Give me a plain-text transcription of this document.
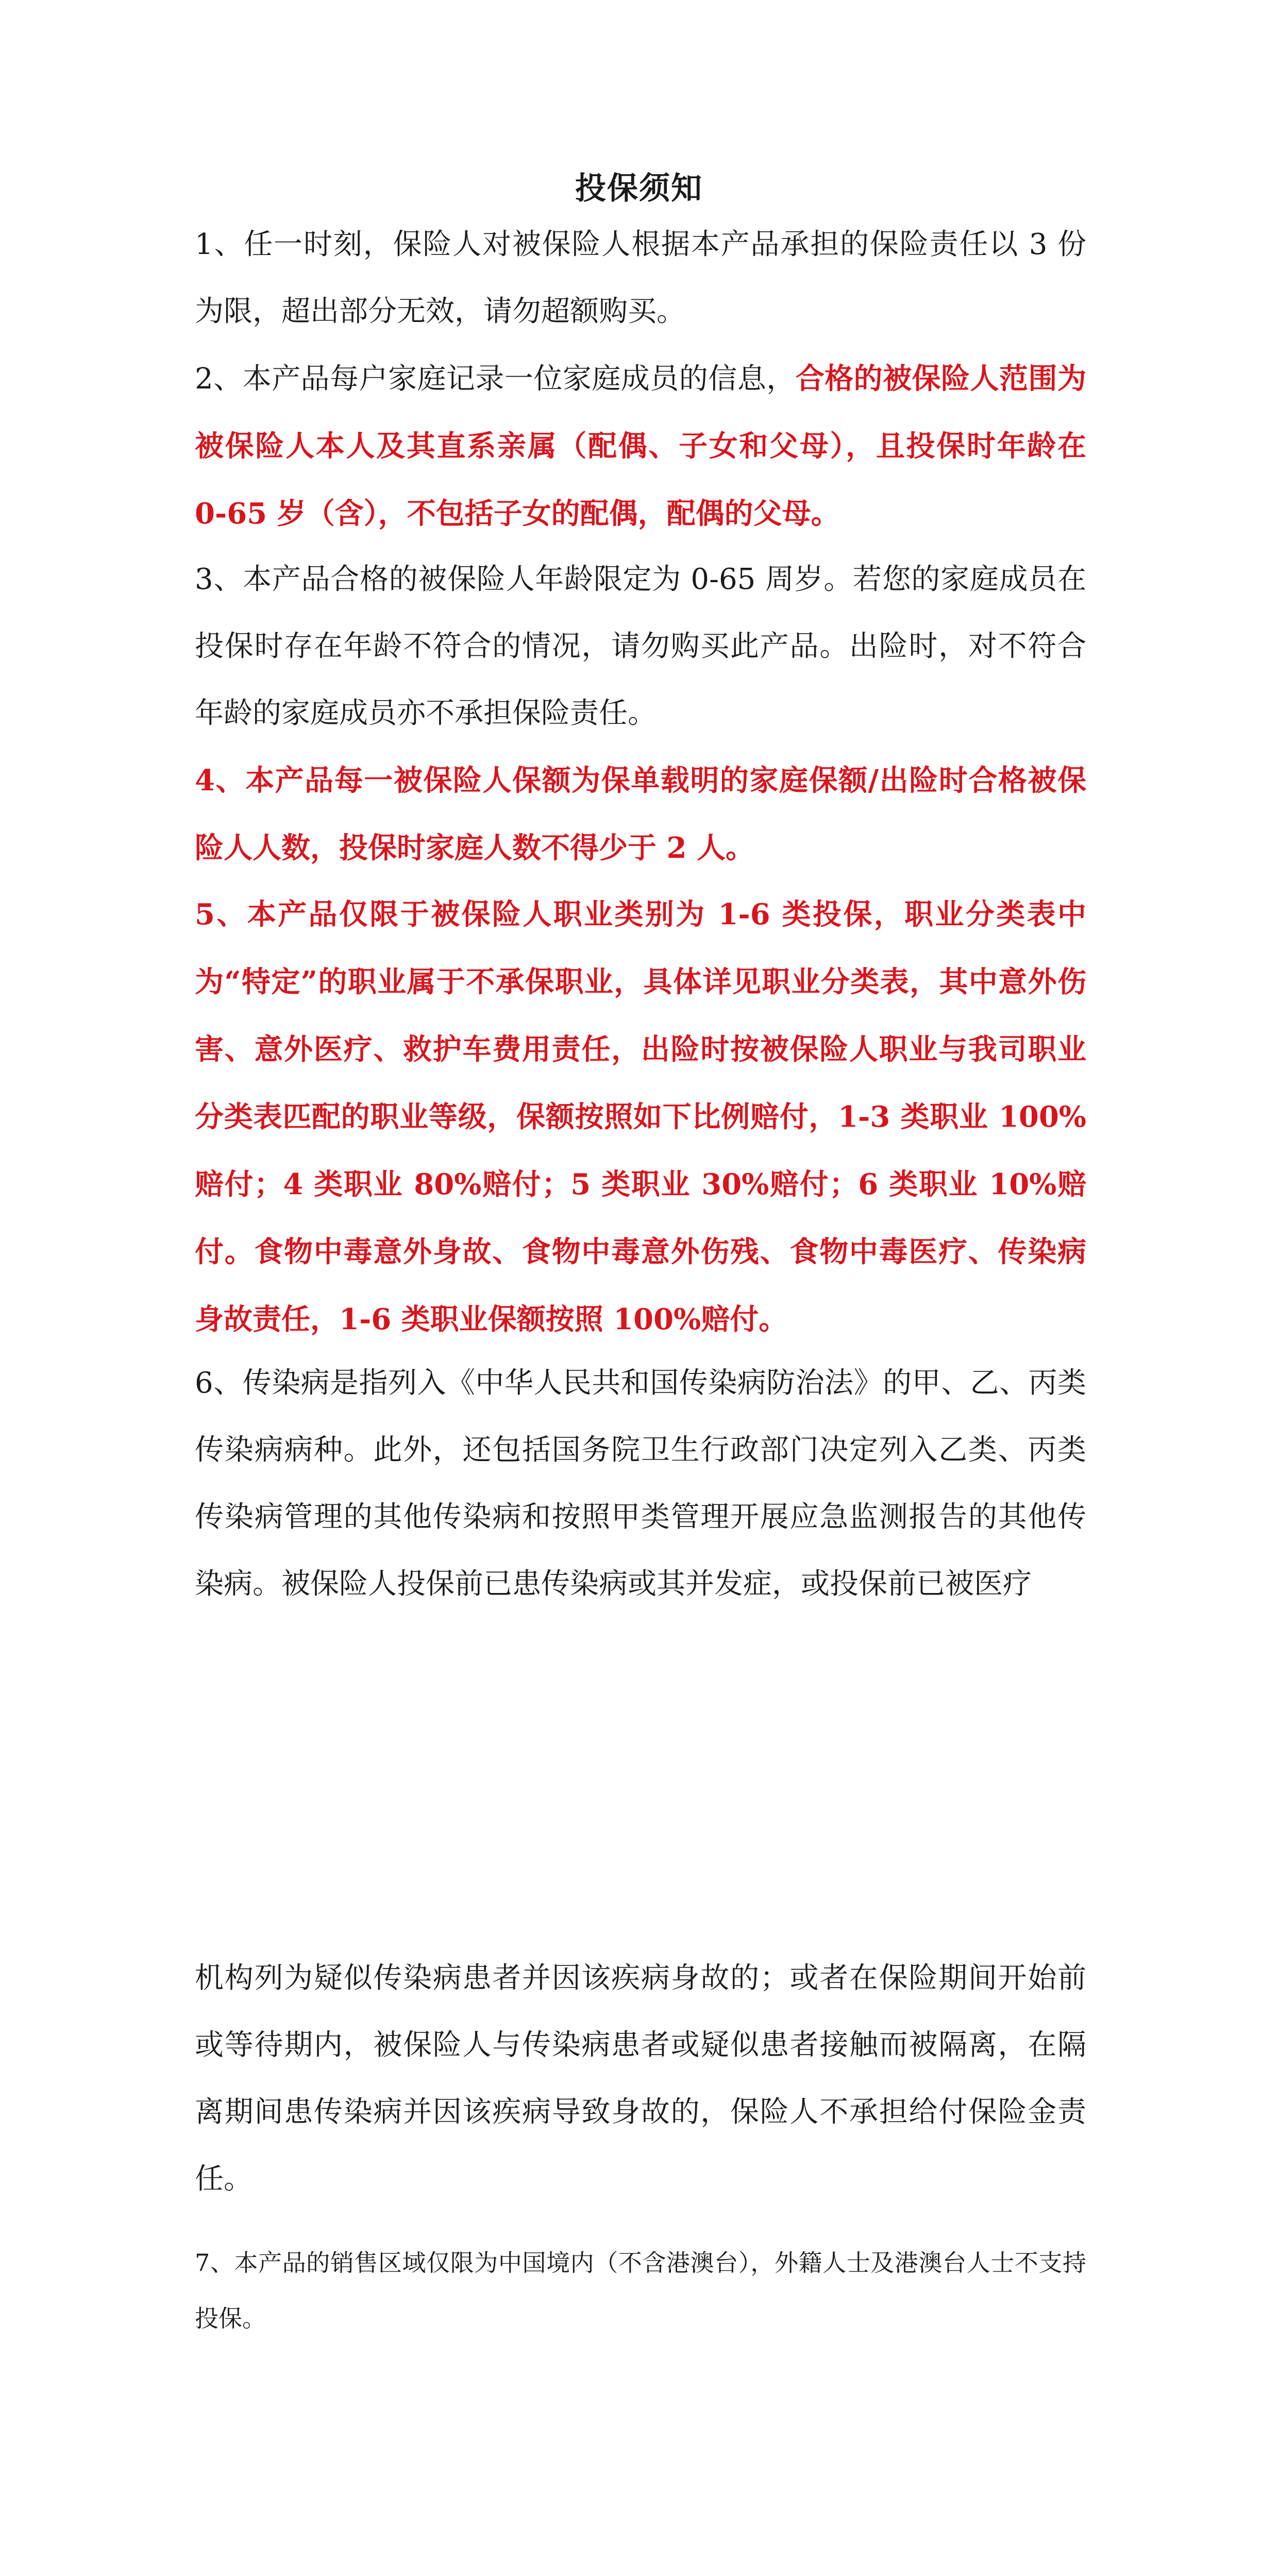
投保须知
1、任一时刻，保险人对被保险人根据本产品承担的保险责任以 3 份为限，超出部分无效，请勿超额购买。
2、本产品每户家庭记录一位家庭成员的信息，合格的被保险人范围为被保险人本人及其直系亲属（配偶、子女和父母），且投保时年龄在 0-65 岁（含），不包括子女的配偶，配偶的父母。
3、本产品合格的被保险人年龄限定为 0-65 周岁。若您的家庭成员在投保时存在年龄不符合的情况，请勿购买此产品。出险时，对不符合年龄的家庭成员亦不承担保险责任。
4、本产品每一被保险人保额为保单载明的家庭保额/出险时合格被保险人人数，投保时家庭人数不得少于 2 人。
5、本产品仅限于被保险人职业类别为 1-6 类投保，职业分类表中为“特定”的职业属于不承保职业，具体详见职业分类表，其中意外伤害、意外医疗、救护车费用责任，出险时按被保险人职业与我司职业分类表匹配的职业等级，保额按照如下比例赔付，1-3 类职业 100%赔付；4 类职业 80%赔付；5 类职业 30%赔付；6 类职业 10%赔付。食物中毒意外身故、食物中毒意外伤残、食物中毒医疗、传染病身故责任，1-6 类职业保额按照 100%赔付。
6、传染病是指列入《中华人民共和国传染病防治法》的甲、乙、丙类传染病病种。此外，还包括国务院卫生行政部门决定列入乙类、丙类传染病管理的其他传染病和按照甲类管理开展应急监测报告的其他传染病。被保险人投保前已患传染病或其并发症，或投保前已被医疗
机构列为疑似传染病患者并因该疾病身故的；或者在保险期间开始前或等待期内，被保险人与传染病患者或疑似患者接触而被隔离，在隔离期间患传染病并因该疾病导致身故的，保险人不承担给付保险金责任。
7、本产品的销售区域仅限为中国境内（不含港澳台），外籍人士及港澳台人士不支持投保。
